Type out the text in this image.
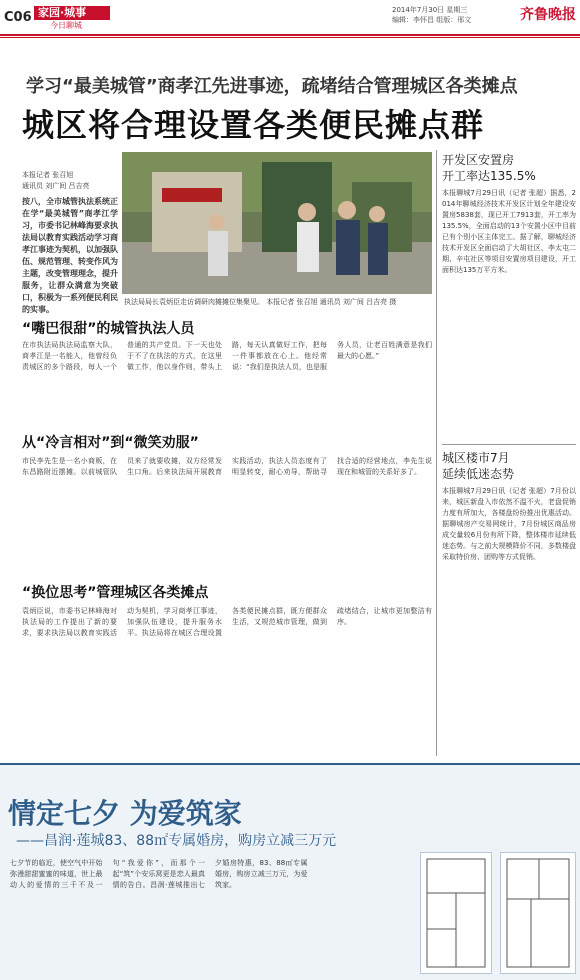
C06 家园·城事
今日聊城
2014年7月30日 星期三
编辑：李怀昌 组版：邢文	齐鲁晚报
学习“最美城管”商孝江先进事迹，疏堵结合管理城区各类摊点
城区将合理设置各类便民摊点群
本报记者 张召旭
通讯员 刘广间 吕吉亮
按八，全市城管执法系统正在学“最美城管”商孝江学习，市委书记林峰海要求执法局以教育实践活动学习商孝江事迹为契机，以加强队伍、规范管理、转变作风为主题，改变管理理念，提升服务，让群众满意为突破口，积极为一系列便民利民的实事。
执法局局长袁炳臣走访调研肉摊摊位集聚见。 本报记者 张召旭 通讯员 刘广间 吕吉亮 摄
“嘴巴很甜”的城管执法人员
在市执法局执法局监察大队，商孝江是一名能人，他曾经负责城区的多个路段，每人一个普通的共产党员。下一天也处于不了在执法的方式，在这里做工作，他以身作则，带头上路，每天认真做好工作，把每一件事都放在心上。他经常说：“我们是执法人员，也是服务人员，让老百姓满意是我们最大的心愿。”
从“冷言相对”到“微笑劝服”
市民李先生是一名小商贩，在东昌路附近摆摊。以前城管队员来了就要收摊，双方经常发生口角。后来执法局开展教育实践活动，执法人员态度有了明显转变，耐心劝导，帮助寻找合适的经营地点，李先生说现在和城管的关系好多了。
“换位思考”管理城区各类摊点
袁炳臣说，市委书记林峰海对执法局的工作提出了新的要求，要求执法局以教育实践活动为契机，学习商孝江事迹，加强队伍建设，提升服务水平。执法局将在城区合理设置各类便民摊点群，既方便群众生活，又规范城市管理，做到疏堵结合，让城市更加整洁有序。
开发区安置房
开工率达135.5%
本报聊城7月29日讯（记者 张超）据悉，2014年聊城经济技术开发区计划全年建设安置房5838套，现已开工7913套，开工率为135.5%，全面启动的13个安置小区中目前已有个别小区主体完工。据了解，聊城经济技术开发区全面启动了大胡社区、李太屯二期、辛屯社区等项目安置房项目建设，开工面积达135万平方米。
城区楼市7月
延续低迷态势
本报聊城7月29日讯（记者 张超）7月份以来，城区新盘入市依然不温不火，老盘促销力度有所加大，各楼盘纷纷推出优惠活动。据聊城房产交易网统计，7月份城区商品房成交量较6月份有所下降，整体楼市延续低迷态势。与之前大规模降价不同，多数楼盘采取特价房、团购等方式促销。
情定七夕 为爱筑家
——昌润·莲城83、88㎡专属婚房，购房立减三万元
七夕节的临近，使空气中开始弥漫甜甜蜜蜜的味道，世上最动人的爱情的三千不及一句“我爱你”，而那个一起“筑”个安乐窝更是恋人最真情的告白。昌润·莲城推出七夕婚房特惠，83、88㎡专属婚房，购房立减三万元，为爱筑家。
